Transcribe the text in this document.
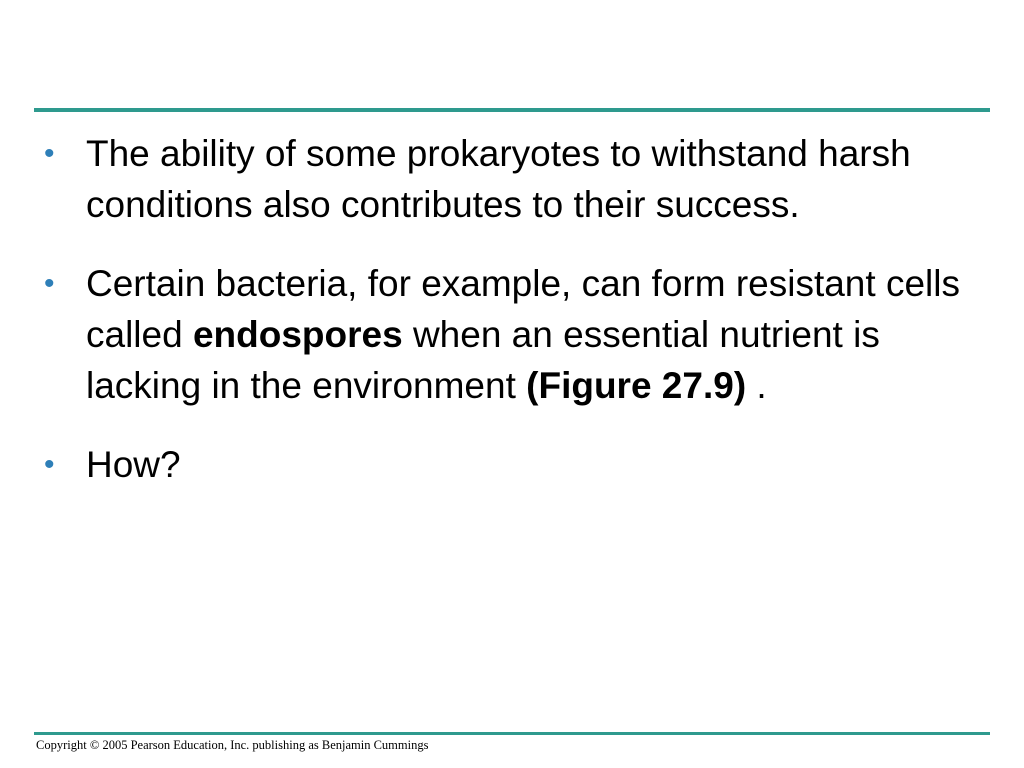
• The ability of some prokaryotes to withstand harsh conditions also contributes to their success.
• Certain bacteria, for example, can form resistant cells called endospores when an essential nutrient is lacking in the environment (Figure 27.9) .
• How?
Copyright © 2005 Pearson Education, Inc. publishing as Benjamin Cummings
